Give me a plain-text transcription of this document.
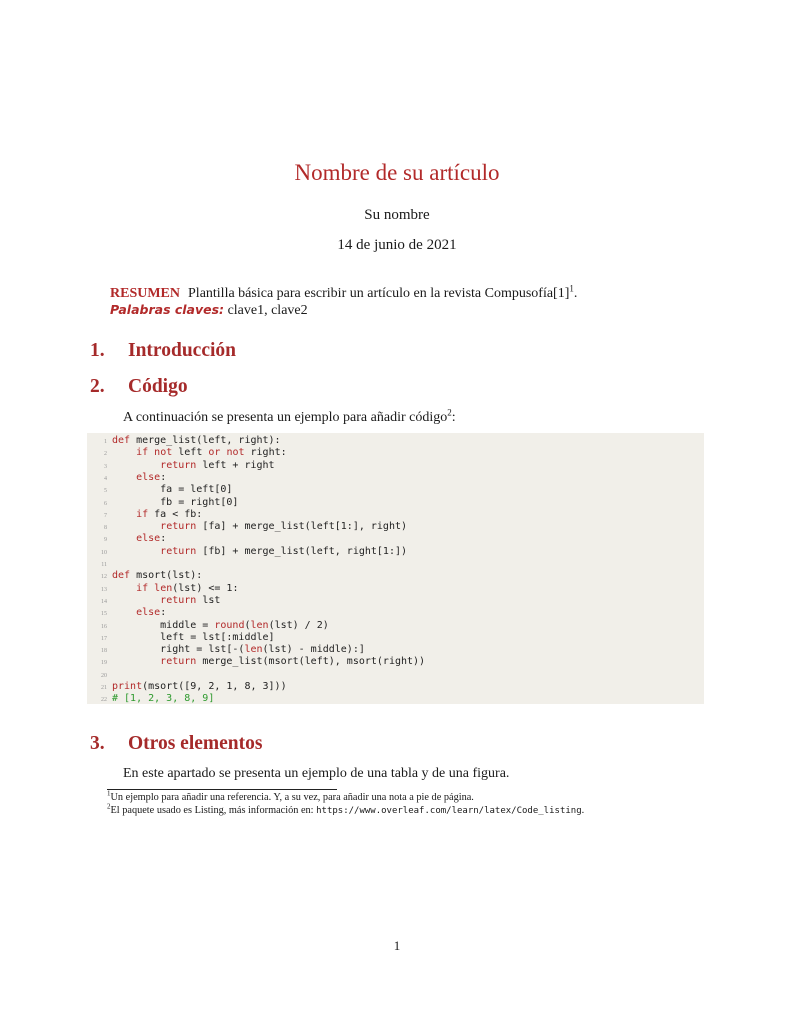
Nombre de su artículo
Su nombre
14 de junio de 2021
RESUMEN Plantilla básica para escribir un artículo en la revista $Compusofía[1]^1$.
Palabras claves: clave1, clave2
1. Introducción
2. Código
A continuación se presenta un ejemplo para añadir código$^2$:
1 def merge_list(left, right):
2	if not left or not right:
3	return left + right
4	else:
5        fa = left[0]
6        fb = right[0]
7	if fa < fb:
8	return [fa] + merge_list(left[1:], right)
9	else:
10	return [fb] + merge_list(left, right[1:])
11
12 def msort(lst):
13	if len(lst) <= 1:
14	return lst
15	else:
16        middle = round(len(lst) / 2)
17        left = lst[:middle]
18        right = lst[-(len(lst) - middle):]
19	return merge_list(msort(left), msort(right))
20
21 print(msort([9, 2, 1, 8, 3]))
22 # [1, 2, 3, 8, 9]
3. Otros elementos
En este apartado se presenta un ejemplo de una tabla y de una figura.
$^1$Un ejemplo para añadir una referencia. Y, a su vez, para añadir una nota a pie de página.
$^2$El paquete usado es Listing, más información en: https://www.overleaf.com/learn/latex/Code_listing.
1
